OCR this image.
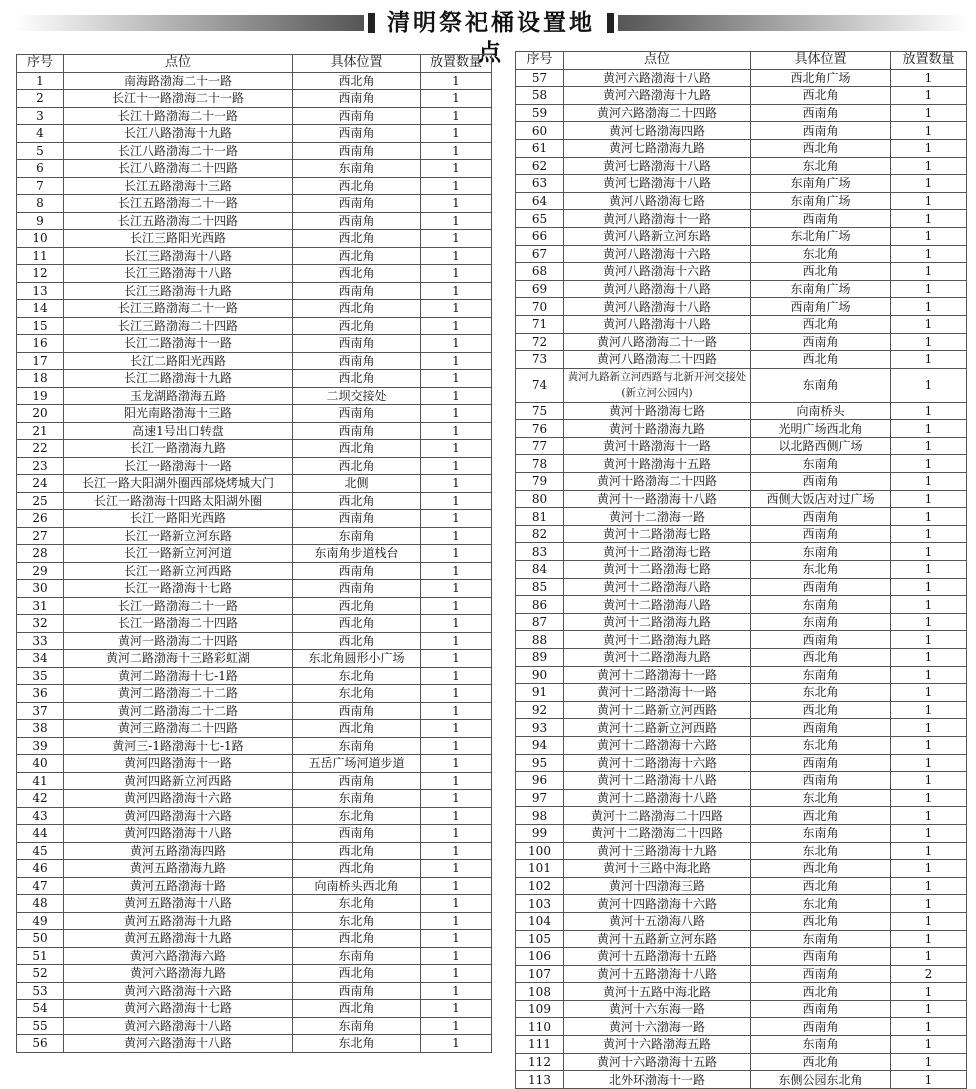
清明祭祀桶设置地点
序号	点位	具体位置	放置数量
1	南海路渤海二十一路	西北角	1
2	长江十一路渤海二十一路	西南角	1
3	长江十路渤海二十一路	西南角	1
4	长江八路渤海十九路	西南角	1
5	长江八路渤海二十一路	西南角	1
6	长江八路渤海二十四路	东南角	1
7	长江五路渤海十三路	西北角	1
8	长江五路渤海二十一路	西南角	1
9	长江五路渤海二十四路	西南角	1
10	长江三路阳光西路	西北角	1
11	长江三路渤海十八路	西北角	1
12	长江三路渤海十八路	西北角	1
13	长江三路渤海十九路	西南角	1
14	长江三路渤海二十一路	西北角	1
15	长江三路渤海二十四路	西北角	1
16	长江二路渤海十一路	西南角	1
17	长江二路阳光西路	西南角	1
18	长江二路渤海十九路	西北角	1
19	玉龙湖路渤海五路	二坝交接处	1
20	阳光南路渤海十三路	西南角	1
21	高速1号出口转盘	西南角	1
22	长江一路渤海九路	西北角	1
23	长江一路渤海十一路	西北角	1
24	长江一路大阳湖外圈西部烧烤城大门	北侧	1
25	长江一路渤海十四路太阳湖外圈	西北角	1
26	长江一路阳光西路	西南角	1
27	长江一路新立河东路	东南角	1
28	长江一路新立河河道	东南角步道栈台	1
29	长江一路新立河西路	西南角	1
30	长江一路渤海十七路	西南角	1
31	长江一路渤海二十一路	西北角	1
32	长江一路渤海二十四路	西北角	1
33	黄河一路渤海二十四路	西北角	1
34	黄河二路渤海十三路彩虹湖	东北角圆形小广场	1
35	黄河二路渤海十七-1路	东北角	1
36	黄河二路渤海二十二路	东北角	1
37	黄河二路渤海二十二路	西南角	1
38	黄河三路渤海二十四路	西北角	1
39	黄河三-1路渤海十七-1路	东南角	1
40	黄河四路渤海十一路	五岳广场河道步道	1
41	黄河四路新立河西路	西南角	1
42	黄河四路渤海十六路	东南角	1
43	黄河四路渤海十六路	东北角	1
44	黄河四路渤海十八路	西南角	1
45	黄河五路渤海四路	西北角	1
46	黄河五路渤海九路	西北角	1
47	黄河五路渤海十路	向南桥头西北角	1
48	黄河五路渤海十八路	东北角	1
49	黄河五路渤海十九路	东北角	1
50	黄河五路渤海十九路	西北角	1
51	黄河六路渤海六路	东南角	1
52	黄河六路渤海九路	西北角	1
53	黄河六路渤海十六路	西南角	1
54	黄河六路渤海十七路	西北角	1
55	黄河六路渤海十八路	东南角	1
56	黄河六路渤海十八路	东北角	1
序号	点位	具体位置	放置数量
57	黄河六路渤海十八路	西北角广场	1
58	黄河六路渤海十九路	西北角	1
59	黄河六路渤海二十四路	西南角	1
60	黄河七路渤海四路	西南角	1
61	黄河七路渤海九路	西北角	1
62	黄河七路渤海十八路	东北角	1
63	黄河七路渤海十八路	东南角广场	1
64	黄河八路渤海七路	东南角广场	1
65	黄河八路渤海十一路	西南角	1
66	黄河八路新立河东路	东北角广场	1
67	黄河八路渤海十六路	东北角	1
68	黄河八路渤海十六路	西北角	1
69	黄河八路渤海十八路	东南角广场	1
70	黄河八路渤海十八路	西南角广场	1
71	黄河八路渤海十八路	西北角	1
72	黄河八路渤海二十一路	西南角	1
73	黄河八路渤海二十四路	西北角	1
74	黄河九路新立河西路与北新开河交接处(新立河公园内)	东南角	1
75	黄河十路渤海七路	向南桥头	1
76	黄河十路渤海九路	光明广场西北角	1
77	黄河十路渤海十一路	以北路西侧广场	1
78	黄河十路渤海十五路	东南角	1
79	黄河十路渤海二十四路	西南角	1
80	黄河十一路渤海十八路	西侧大饭店对过广场	1
81	黄河十二渤海一路	西南角	1
82	黄河十二路渤海七路	西南角	1
83	黄河十二路渤海七路	东南角	1
84	黄河十二路渤海七路	东北角	1
85	黄河十二路渤海八路	西南角	1
86	黄河十二路渤海八路	东南角	1
87	黄河十二路渤海九路	东南角	1
88	黄河十二路渤海九路	西南角	1
89	黄河十二路渤海九路	西北角	1
90	黄河十二路渤海十一路	东南角	1
91	黄河十二路渤海十一路	东北角	1
92	黄河十二路新立河西路	西北角	1
93	黄河十二路新立河西路	西南角	1
94	黄河十二路渤海十六路	东北角	1
95	黄河十二路渤海十六路	西南角	1
96	黄河十二路渤海十八路	西南角	1
97	黄河十二路渤海十八路	东北角	1
98	黄河十二路渤海二十四路	西北角	1
99	黄河十二路渤海二十四路	东南角	1
100	黄河十三路渤海十九路	东北角	1
101	黄河十三路中海北路	西北角	1
102	黄河十四渤海三路	西北角	1
103	黄河十四路渤海十六路	东北角	1
104	黄河十五渤海八路	西北角	1
105	黄河十五路新立河东路	东南角	1
106	黄河十五路渤海十五路	西南角	1
107	黄河十五路渤海十八路	西南角	2
108	黄河十五路中海北路	西北角	1
109	黄河十六东海一路	西南角	1
110	黄河十六渤海一路	西南角	1
111	黄河十六路渤海五路	东南角	1
112	黄河十六路渤海十五路	西北角	1
113	北外环渤海十一路	东侧公园东北角	1
